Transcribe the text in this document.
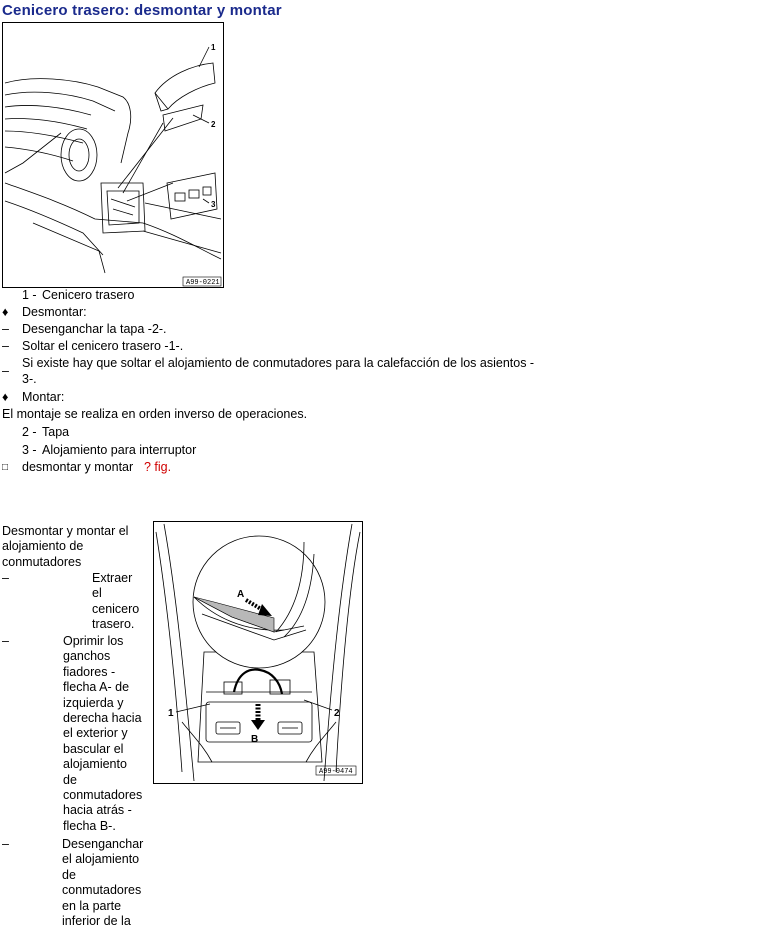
Cenicero trasero: desmontar y montar
1
2
3
A99-0221
1 - Cenicero trasero
♦	Desmontar:
–	Desenganchar la tapa -2-.
–	Soltar el cenicero trasero -1-.
–
Si existe hay que soltar el alojamiento de conmutadores para la calefacción de los asientos -
3-.
♦	Montar:
El montaje se realiza en orden inverso de operaciones.
2 - Tapa
3 - Alojamiento para interruptor
□	desmontar y montar ? fig.
Desmontar y montar el
alojamiento de
conmutadores
–	Extraer
el
cenicero
trasero.
–	Oprimir los
ganchos
fiadores -
flecha A- de
izquierda y
derecha hacia
el exterior y
bascular el
alojamiento
de
conmutadores
hacia atrás -
flecha B-.
–	Desenganchar
el alojamiento
de
conmutadores
en la parte
inferior de la
A
B
1	2
A99-0474
